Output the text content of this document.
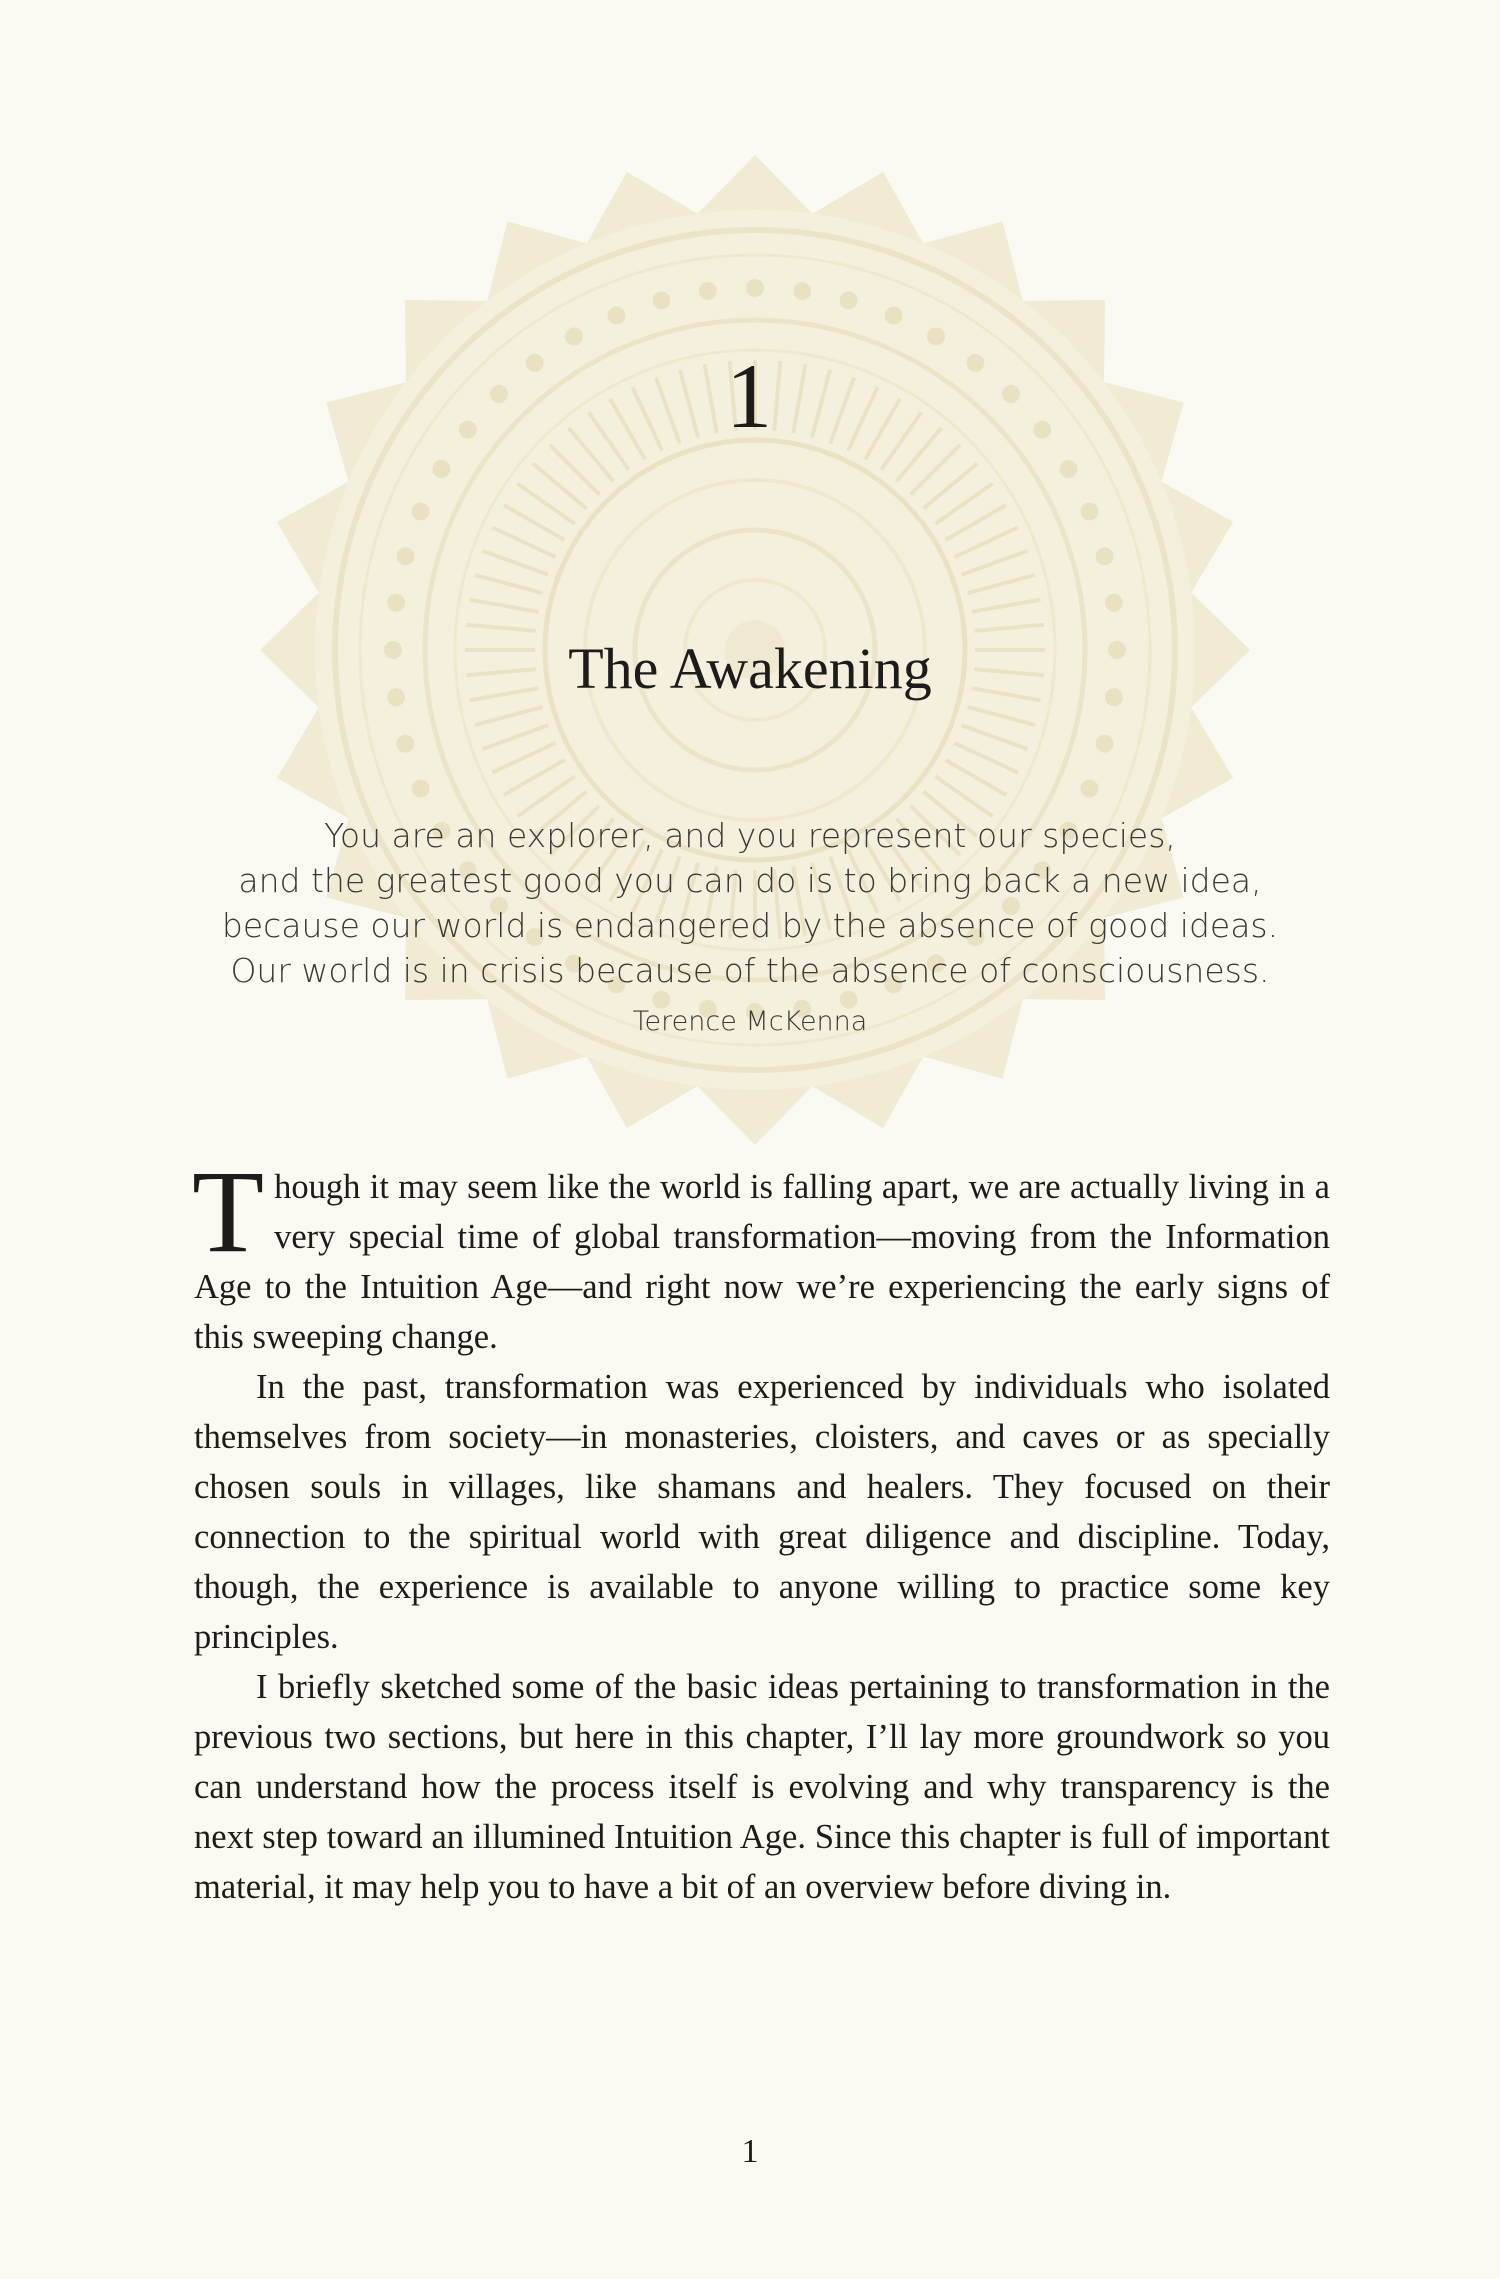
1
The Awakening
You are an explorer, and you represent our species,
and the greatest good you can do is to bring back a new idea,
because our world is endangered by the absence of good ideas.
Our world is in crisis because of the absence of consciousness.
Terence McKenna

Though it may seem like the world is falling apart, we are actually living in a very special time of global transformation—moving from the Information Age to the Intuition Age—and right now we’re experiencing the early signs of this sweeping change.

In the past, transformation was experienced by individuals who isolated themselves from society—in monasteries, cloisters, and caves or as specially chosen souls in villages, like shamans and healers. They focused on their connection to the spiritual world with great diligence and discipline. Today, though, the experience is available to anyone willing to practice some key principles.

I briefly sketched some of the basic ideas pertaining to transformation in the previous two sections, but here in this chapter, I’ll lay more groundwork so you can understand how the process itself is evolving and why transparency is the next step toward an illumined Intuition Age. Since this chapter is full of important material, it may help you to have a bit of an overview before diving in.

1
